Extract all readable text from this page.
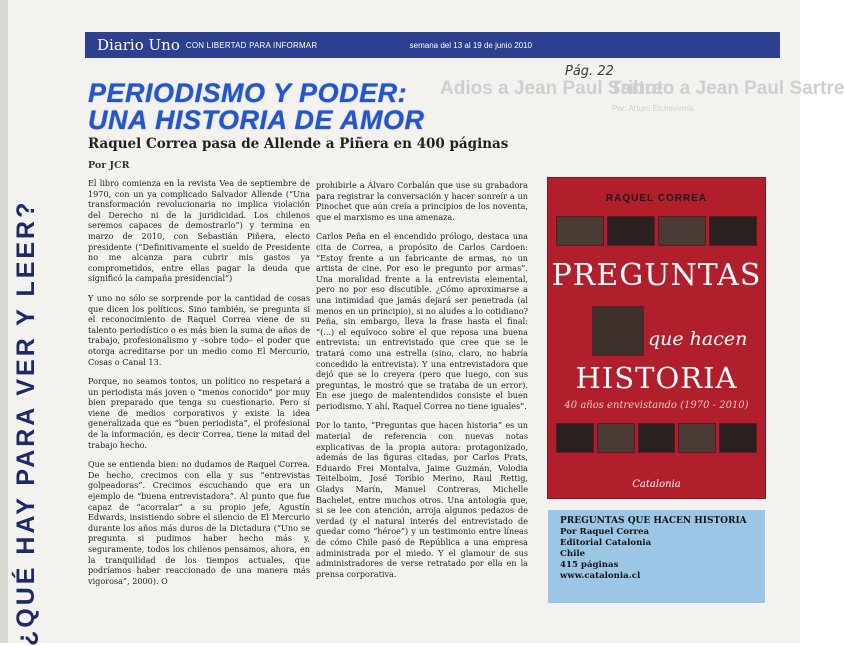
Diario Uno CON LIBERTAD PARA INFORMAR	semana del 13 al 19 de junio 2010
Pág. 22
Adios a Jean Paul Sartre
Tributo a Jean Paul Sartre
Por: Arturo Etcheverría
¿QUÉ HAY PARA VER Y LEER?
PERIODISMO Y PODER:
UNA HISTORIA DE AMOR
Raquel Correa pasa de Allende a Piñera en 400 páginas
Por JCR

El libro comienza en la revista Vea de septiembre de 1970, con un ya complicado Salvador Allende (“Una transformación revolucionaria no implica violación del Derecho ni de la juridicidad. Los chilenos seremos capaces de demostrarlo”) y termina en marzo de 2010, con Sebastián Piñera, electo presidente (“Definitivamente el sueldo de Presidente no me alcanza para cubrir mis gastos ya comprometidos, entre ellas pagar la deuda que significó la campaña presidencial”)

Y uno no sólo se sorprende por la cantidad de cosas que dicen los políticos. Sino también, se pregunta si el reconocimiento de Raquel Correa viene de su talento periodístico o es más bien la suma de años de trabajo, profesionalismo y –sobre todo– el poder que otorga acreditarse por un medio como El Mercurio, Cosas o Canal 13.

Porque, no seamos tontos, un político no respetará a un periodista más joven o “menos conocido” por muy bien preparado que tenga su cuestionario. Pero sí viene de medios corporativos y existe la idea generalizada que es “buen periodista”, el profesional de la información, es decir Correa, tiene la mitad del trabajo hecho.

Que se entienda bien: no dudamos de Raquel Correa. De hecho, crecimos con ella y sus “entrevistas golpeadoras”. Crecimos escuchando que era un ejemplo de “buena entrevistadora”. Al punto que fue capaz de “acorralar” a su propio jefe, Agustín Edwards, insistiendo sobre el silencio de El Mercurio durante los años más duros de la Dictadura (“Uno se pregunta si pudimos haber hecho más y, seguramente, todos los chilenos pensamos, ahora, en la tranquilidad de los tiempos actuales, que podríamos haber reaccionado de una manera más vigorosa”, 2000). O

prohibirle a Álvaro Corbalán que use su grabadora para registrar la conversación y hacer sonreír a un Pinochet que aún creía a principios de los noventa, que el marxismo es una amenaza.

Carlos Peña en el encendido prólogo, destaca una cita de Correa, a propósito de Carlos Cardoen: “Estoy frente a un fabricante de armas, no un artista de cine. Por eso le pregunto por armas”. Una moralidad frente a la entrevista elemental, pero no por eso discutible. ¿Cómo aproximarse a una intimidad que jamás dejará ser penetrada (al menos en un principio), si no aludes a lo cotidiano? Peña, sin embargo, lleva la frase hasta el final: “(...) el equívoco sobre el que reposa una buena entrevista: un entrevistado que cree que se le tratará como una estrella (sino, claro, no habría concedido la entrevista). Y una entrevistadora que dejó que se lo creyera (pero que luego, con sus preguntas, le mostró que se trataba de un error). En ese juego de malentendidos consiste el buen periodismo. Y ahí, Raquel Correa no tiene iguales”.

Por lo tanto, “Preguntas que hacen historia” es un material de referencia con nuevas notas explicativas de la propia autora: protagonizado, además de las figuras citadas, por Carlos Prats, Eduardo Frei Montalva, Jaime Guzmán, Volodia Teitelboim, José Toribio Merino, Raul Rettig, Gladys Marín, Manuel Contreras, Michelle Bachelet, entre muchos otros. Una antología que, si se lee con atención, arroja algunos pedazos de verdad (y el natural interés del entrevistado de quedar como “héroe”) y un testimonio entre líneas de cómo Chile pasó de República a una empresa administrada por el miedo. Y el glamour de sus administradores de verse retratado por ella en la prensa corporativa.

RAQUEL CORREA
PREGUNTAS
que hacen
HISTORIA
40 años entrevistando (1970 - 2010)
Catalonia
PREGUNTAS QUE HACEN HISTORIA
Por Raquel Correa
Editorial Catalonia
Chile
415 páginas
www.catalonia.cl
